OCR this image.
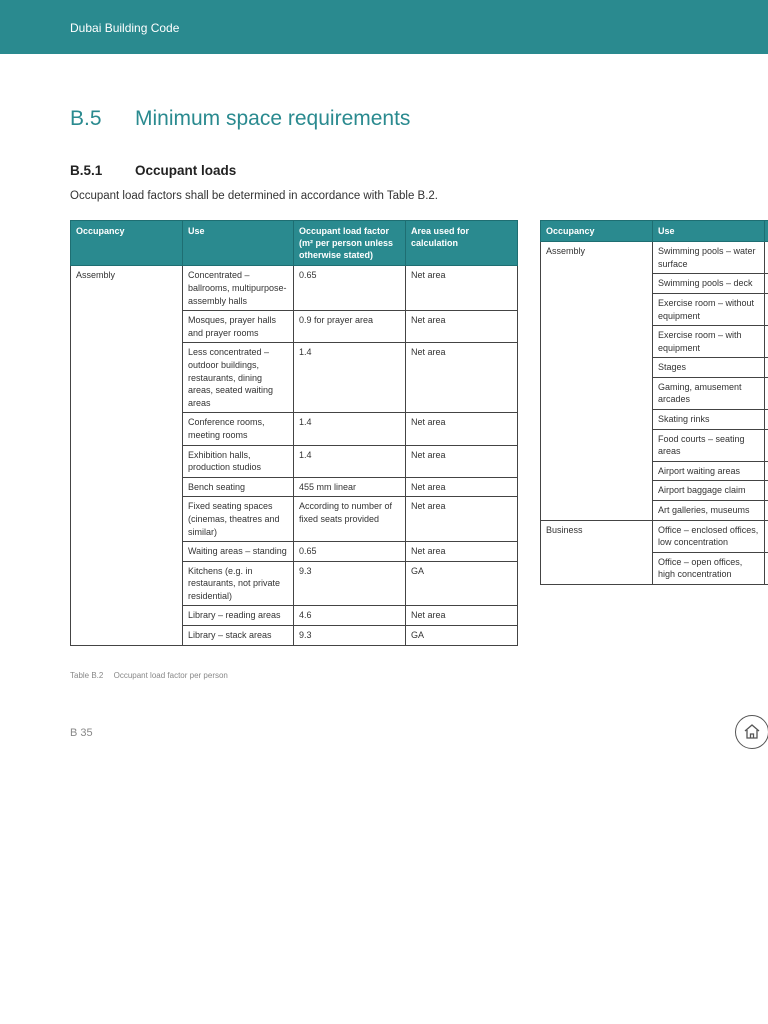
Dubai Building Code
B.5	Minimum space requirements
B.5.1	Occupant loads
Occupant load factors shall be determined in accordance with Table B.2.
Occupancy	Use	Occupant load factor (m² per person unless otherwise stated)	Area used for calculation
Assembly	Concentrated – ballrooms, multipurpose-assembly halls	0.65	Net area
	Mosques, prayer halls and prayer rooms	0.9 for prayer area	Net area
	Less concentrated – outdoor buildings, restaurants, dining areas, seated waiting areas	1.4	Net area
	Conference rooms, meeting rooms	1.4	Net area
	Exhibition halls, production studios	1.4	Net area
	Bench seating	455 mm linear	Net area
	Fixed seating spaces (cinemas, theatres and similar)	According to number of fixed seats provided	Net area
	Waiting areas – standing	0.65	Net area
	Kitchens (e.g. in restaurants, not private residential)	9.3	GA
	Library – reading areas	4.6	Net area
	Library – stack areas	9.3	GA
Occupancy	Use	
Assembly	Swimming pools – water surface	
	Swimming pools – deck	
	Exercise room – without equipment	
	Exercise room – with equipment	
	Stages	
	Gaming, amusement arcades	
	Skating rinks	
	Food courts – seating areas	
	Airport waiting areas	
	Airport baggage claim	
	Art galleries, museums	
Business	Office – enclosed offices, low concentration	
	Office – open offices, high concentration	
Table B.2 Occupant load factor per person
B 35
